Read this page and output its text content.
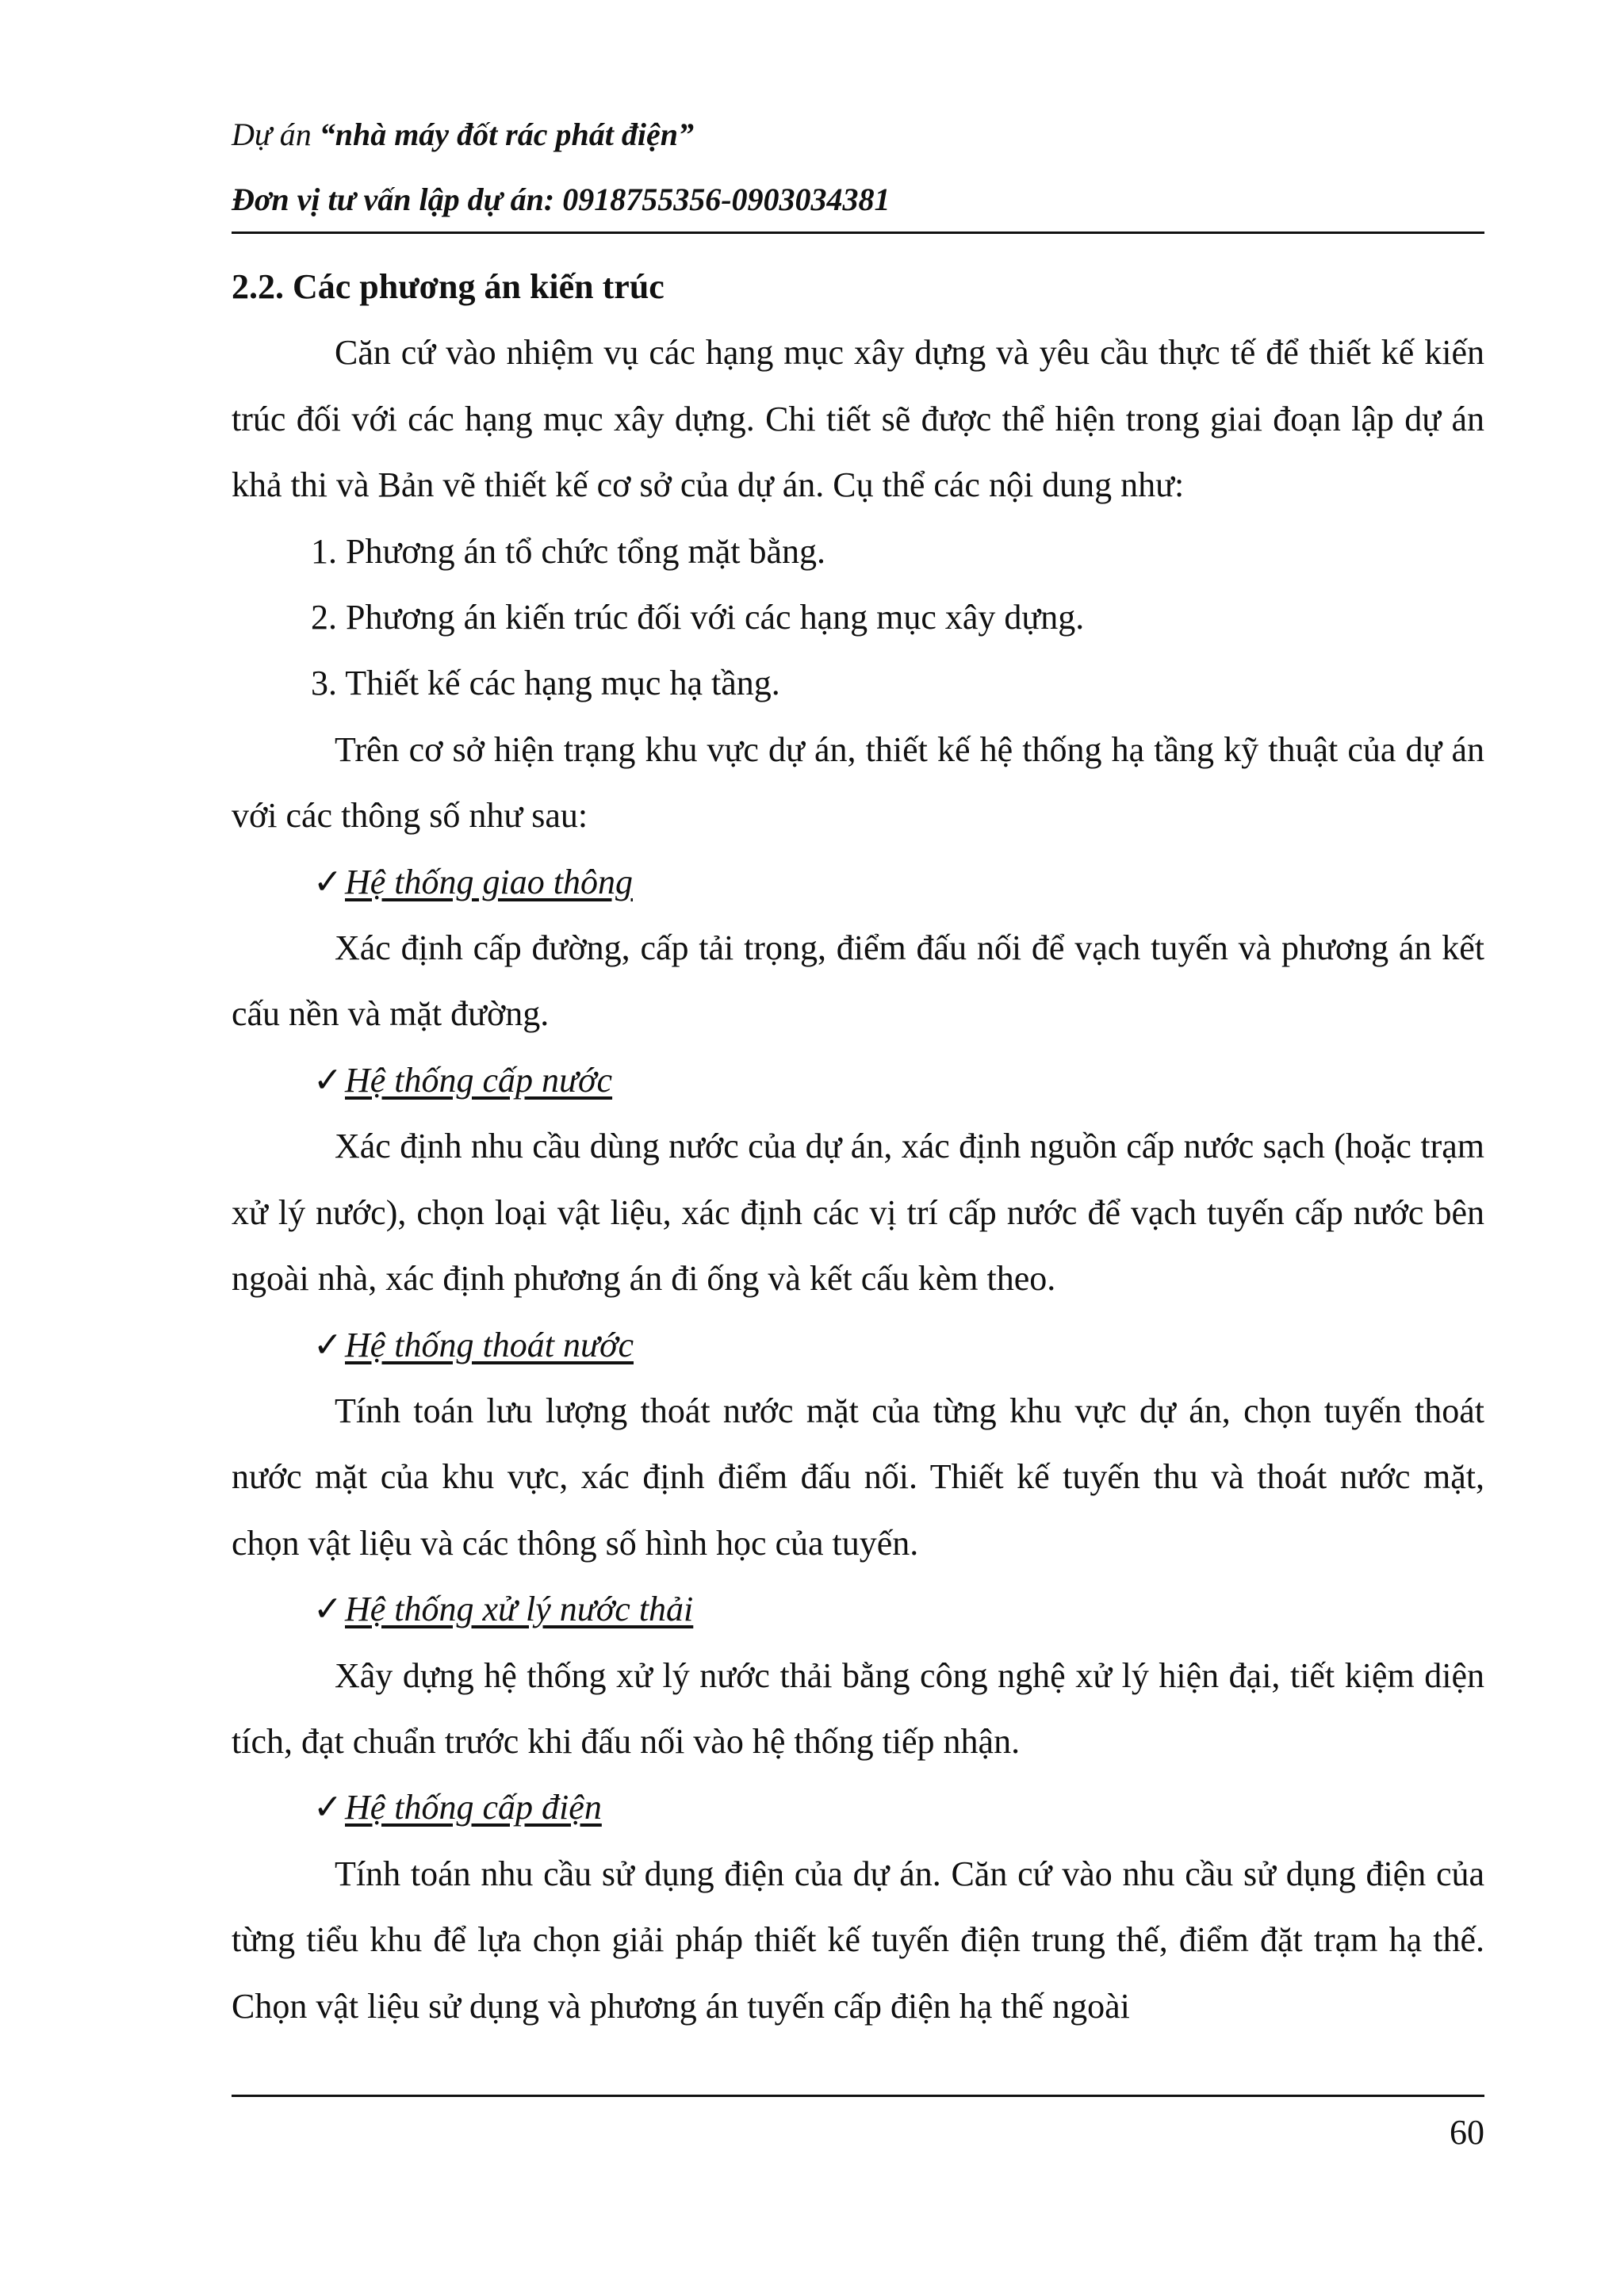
Dự án “nhà máy đốt rác phát điện”

Đơn vị tư vấn lập dự án: 0918755356-0903034381

2.2. Các phương án kiến trúc

Căn cứ vào nhiệm vụ các hạng mục xây dựng và yêu cầu thực tế để thiết kế kiến trúc đối với các hạng mục xây dựng. Chi tiết sẽ được thể hiện trong giai đoạn lập dự án khả thi và Bản vẽ thiết kế cơ sở của dự án. Cụ thể các nội dung như:

1. Phương án tổ chức tổng mặt bằng.

2. Phương án kiến trúc đối với các hạng mục xây dựng.

3. Thiết kế các hạng mục hạ tầng.

Trên cơ sở hiện trạng khu vực dự án, thiết kế hệ thống hạ tầng kỹ thuật của dự án với các thông số như sau:

✓Hệ thống giao thông

Xác định cấp đường, cấp tải trọng, điểm đấu nối để vạch tuyến và phương án kết cấu nền và mặt đường.

✓Hệ thống cấp nước

Xác định nhu cầu dùng nước của dự án, xác định nguồn cấp nước sạch (hoặc trạm xử lý nước), chọn loại vật liệu, xác định các vị trí cấp nước để vạch tuyến cấp nước bên ngoài nhà, xác định phương án đi ống và kết cấu kèm theo.

✓Hệ thống thoát nước

Tính toán lưu lượng thoát nước mặt của từng khu vực dự án, chọn tuyến thoát nước mặt của khu vực, xác định điểm đấu nối. Thiết kế tuyến thu và thoát nước mặt, chọn vật liệu và các thông số hình học của tuyến.

✓Hệ thống xử lý nước thải

Xây dựng hệ thống xử lý nước thải bằng công nghệ xử lý hiện đại, tiết kiệm diện tích, đạt chuẩn trước khi đấu nối vào hệ thống tiếp nhận.

✓Hệ thống cấp điện

Tính toán nhu cầu sử dụng điện của dự án. Căn cứ vào nhu cầu sử dụng điện của từng tiểu khu để lựa chọn giải pháp thiết kế tuyến điện trung thế, điểm đặt trạm hạ thế. Chọn vật liệu sử dụng và phương án tuyến cấp điện hạ thế ngoài

60
